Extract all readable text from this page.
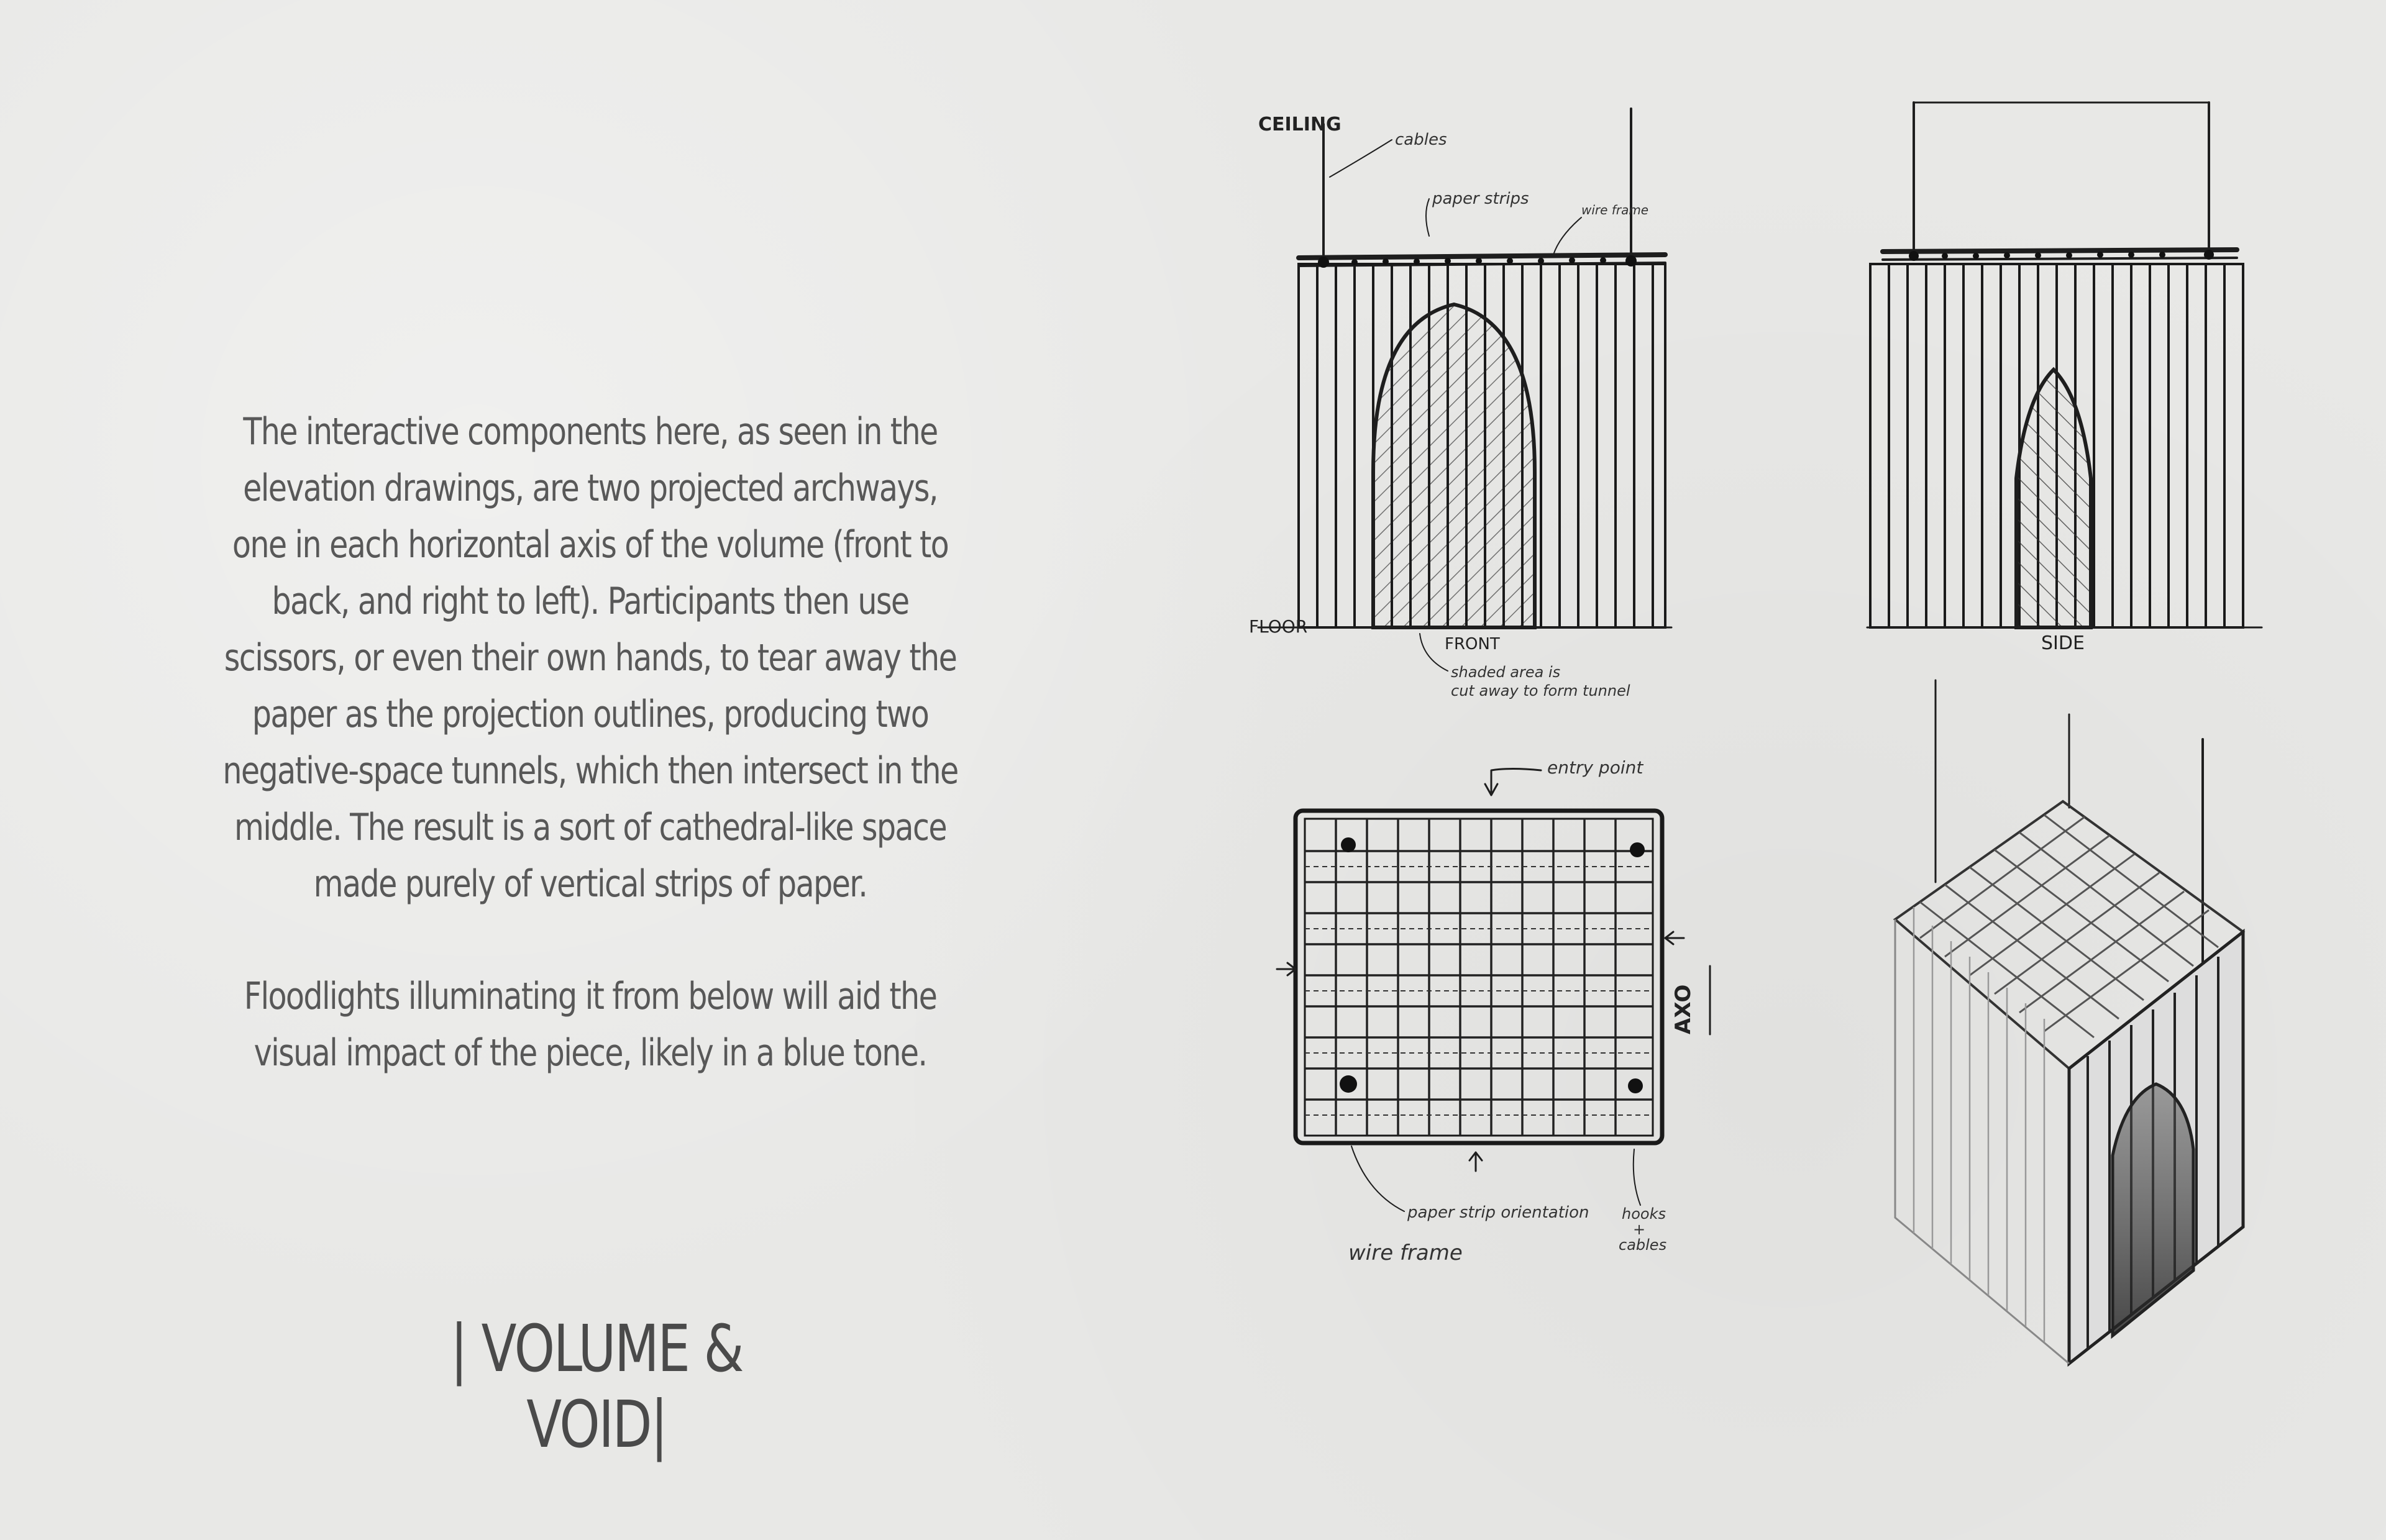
The interactive components here, as seen in the elevation drawings, are two projected archways, one in each horizontal axis of the volume (front to back, and right to left). Participants then use scissors, or even their own hands, to tear away the paper as the projection outlines, producing two negative-space tunnels, which then intersect in the middle. The result is a sort of cathedral-like space made purely of vertical strips of paper.

Floodlights illuminating it from below will aid the visual impact of the piece, likely in a blue tone.

| VOLUME & VOID|
CEILING
cables
paper strips
wire frame
FLOOR
FRONT
shaded area is
cut away to form tunnel
SIDE
entry point
AXO
paper strip orientation
wire frame
hooks
+
cables
